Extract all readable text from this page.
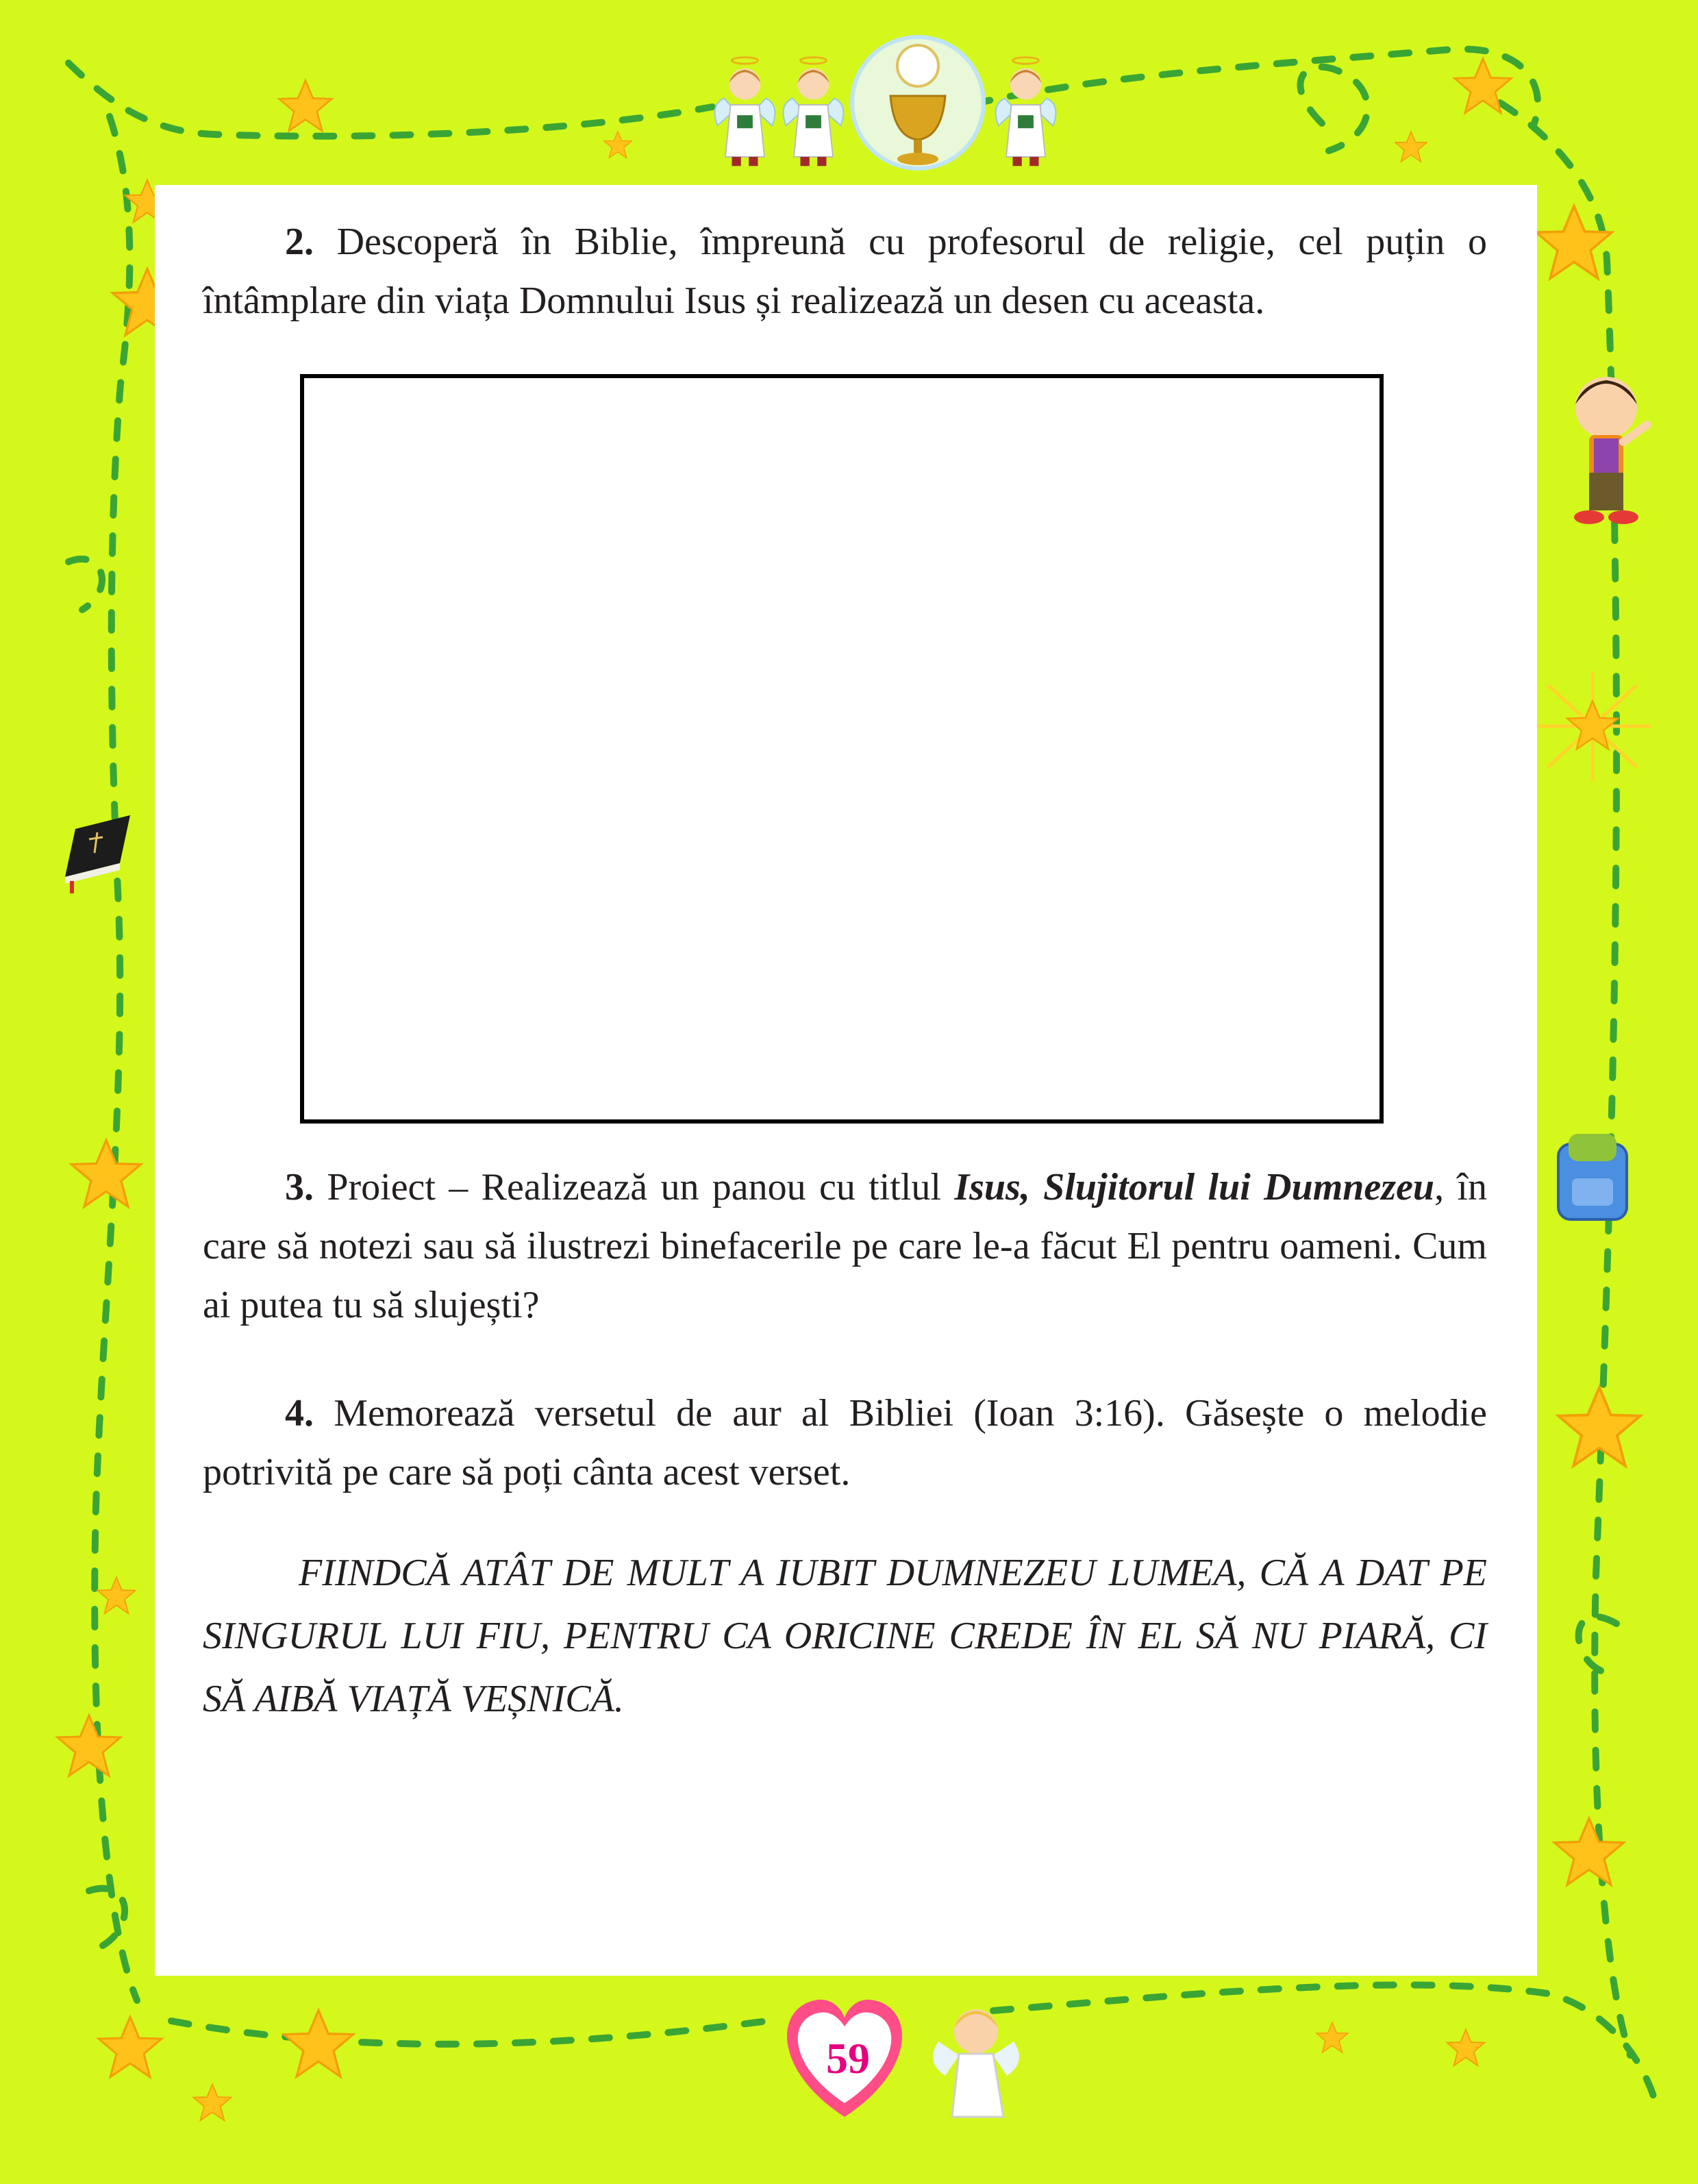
2. Descoperă în Biblie, împreună cu profesorul de religie, cel puțin o întâmplare din viața Domnului Isus și realizează un desen cu aceasta.

3. Proiect – Realizează un panou cu titlul Isus, Slujitorul lui Dumnezeu, în care să notezi sau să ilustrezi binefacerile pe care le-a făcut El pentru oameni. Cum ai putea tu să slujești?

4. Memorează versetul de aur al Bibliei (Ioan 3:16). Găsește o melodie potrivită pe care să poți cânta acest verset.

FIINDCĂ ATÂT DE MULT A IUBIT DUMNEZEU LUMEA, CĂ A DAT PE SINGURUL LUI FIU, PENTRU CA ORICINE CREDE ÎN EL SĂ NU PIARĂ, CI SĂ AIBĂ VIAȚĂ VEȘNICĂ.

59
